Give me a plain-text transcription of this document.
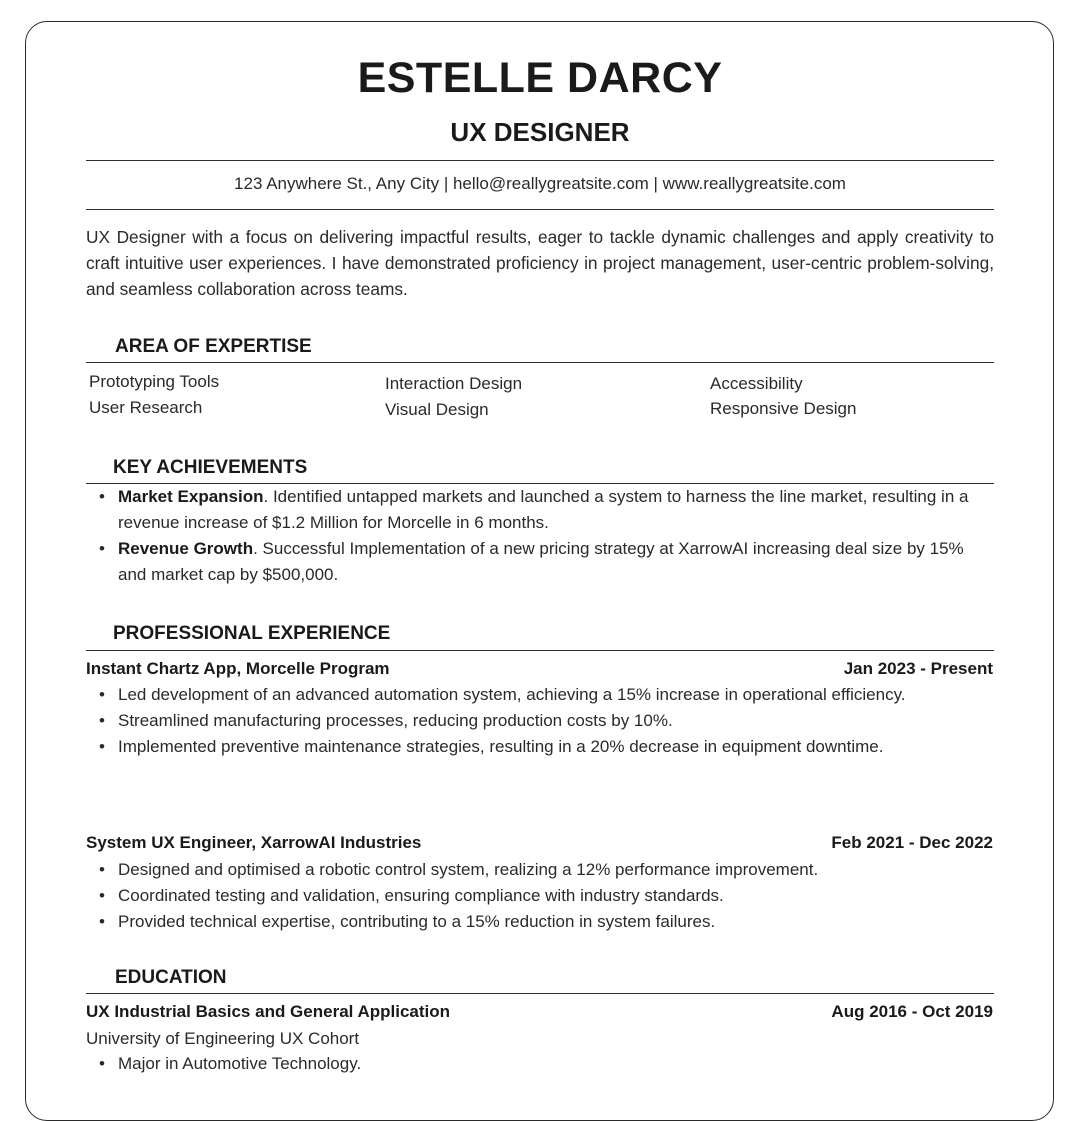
ESTELLE DARCY
UX DESIGNER
123 Anywhere St., Any City | hello@reallygreatsite.com | www.reallygreatsite.com
UX Designer with a focus on delivering impactful results, eager to tackle dynamic challenges and apply creativity to craft intuitive user experiences. I have demonstrated proficiency in project management, user-centric problem-solving, and seamless collaboration across teams.
AREA OF EXPERTISE
Prototyping Tools	Interaction Design	Accessibility
User Research	Visual Design	Responsive Design
KEY ACHIEVEMENTS
• Market Expansion. Identified untapped markets and launched a system to harness the line market, resulting in a revenue increase of $1.2 Million for Morcelle in 6 months.
• Revenue Growth. Successful Implementation of a new pricing strategy at XarrowAI increasing deal size by 15% and market cap by $500,000.
PROFESSIONAL EXPERIENCE
Instant Chartz App, Morcelle Program	Jan 2023 - Present
• Led development of an advanced automation system, achieving a 15% increase in operational efficiency.
• Streamlined manufacturing processes, reducing production costs by 10%.
• Implemented preventive maintenance strategies, resulting in a 20% decrease in equipment downtime.
System UX Engineer, XarrowAI Industries	Feb 2021 - Dec 2022
• Designed and optimised a robotic control system, realizing a 12% performance improvement.
• Coordinated testing and validation, ensuring compliance with industry standards.
• Provided technical expertise, contributing to a 15% reduction in system failures.
EDUCATION
UX Industrial Basics and General Application	Aug 2016 - Oct 2019
University of Engineering UX Cohort
• Major in Automotive Technology.
